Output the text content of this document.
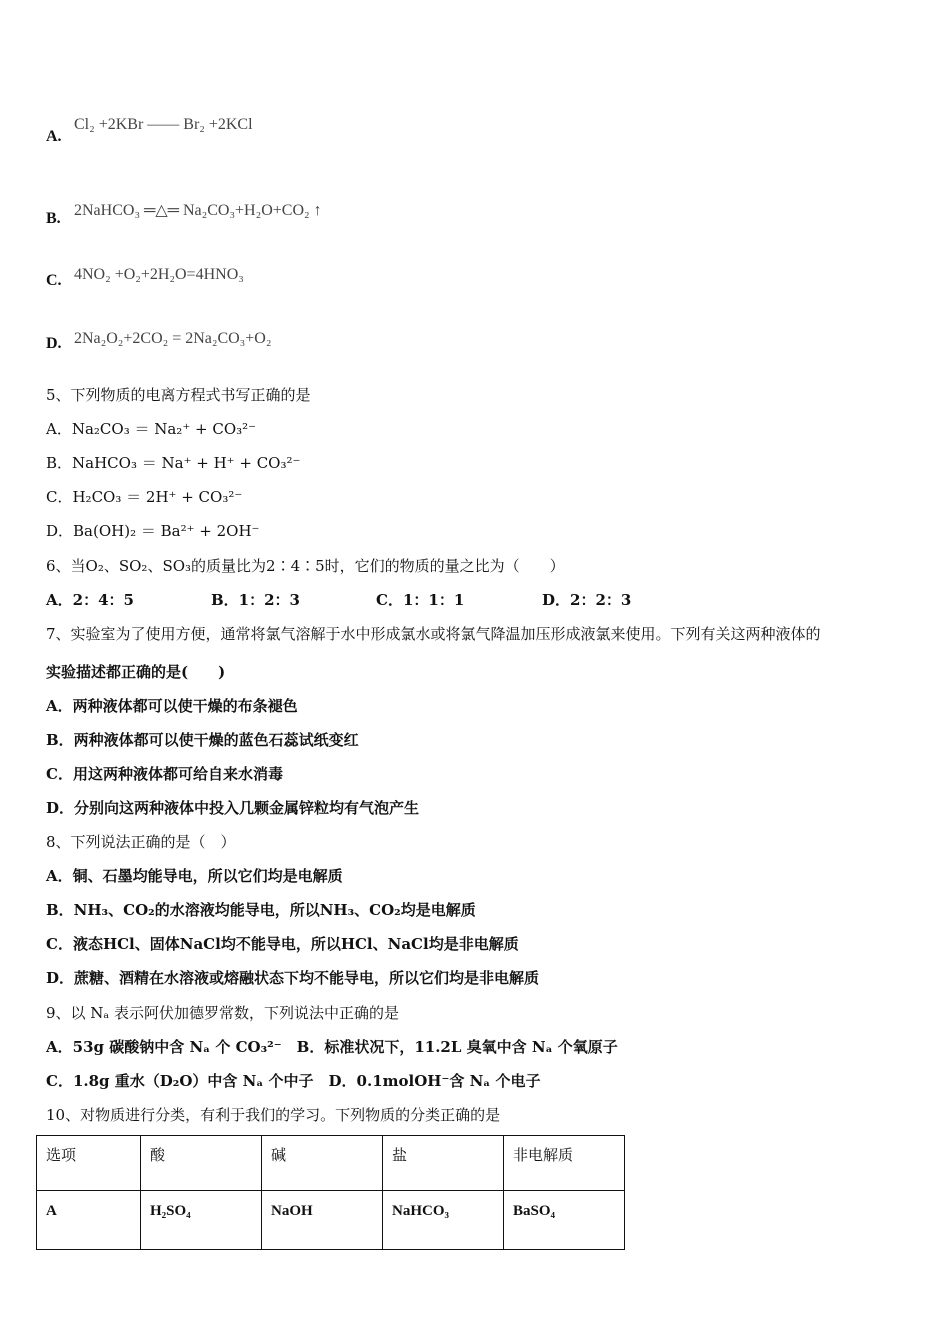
A.
Cl₂ +2KBr —— Br₂ +2KCl
B. 2NaHCO₃ ═△═ Na₂CO₃+H₂O+CO₂ ↑
C. 4NO₂ +O₂+2H₂O=4HNO₃
D. 2Na₂O₂+2CO₂ = 2Na₂CO₃+O₂
5、下列物质的电离方程式书写正确的是
A．Na₂CO₃ ＝ Na₂⁺ + CO₃²⁻
B．NaHCO₃ ＝ Na⁺ + H⁺ + CO₃²⁻
C．H₂CO₃ ＝ 2H⁺ + CO₃²⁻
D．Ba(OH)₂ ＝ Ba²⁺ + 2OH⁻
6、当O₂、SO₂、SO₃的质量比为2∶4∶5时，它们的物质的量之比为（　　）
A．2：4：5	B．1：2：3	C．1：1：1	D．2：2：3
7、实验室为了使用方便，通常将氯气溶解于水中形成氯水或将氯气降温加压形成液氯来使用。下列有关这两种液体的
实验描述都正确的是(　　)
A．两种液体都可以使干燥的布条褪色
B．两种液体都可以使干燥的蓝色石蕊试纸变红
C．用这两种液体都可给自来水消毒
D．分别向这两种液体中投入几颗金属锌粒均有气泡产生
8、下列说法正确的是（　）
A．铜、石墨均能导电，所以它们均是电解质
B．NH₃、CO₂的水溶液均能导电，所以NH₃、CO₂均是电解质
C．液态HCl、固体NaCl均不能导电，所以HCl、NaCl均是非电解质
D．蔗糖、酒精在水溶液或熔融状态下均不能导电，所以它们均是非电解质
9、以 Nₐ 表示阿伏加德罗常数，下列说法中正确的是
A．53g 碳酸钠中含 Nₐ 个 CO₃²⁻　B．标准状况下，11.2L 臭氧中含 Nₐ 个氧原子
C．1.8g 重水（D₂O）中含 Nₐ 个中子　D．0.1molOH⁻含 Nₐ 个电子
10、对物质进行分类，有利于我们的学习。下列物质的分类正确的是
选项	酸	碱	盐	非电解质
A	H₂SO₄	NaOH	NaHCO₃	BaSO₄
